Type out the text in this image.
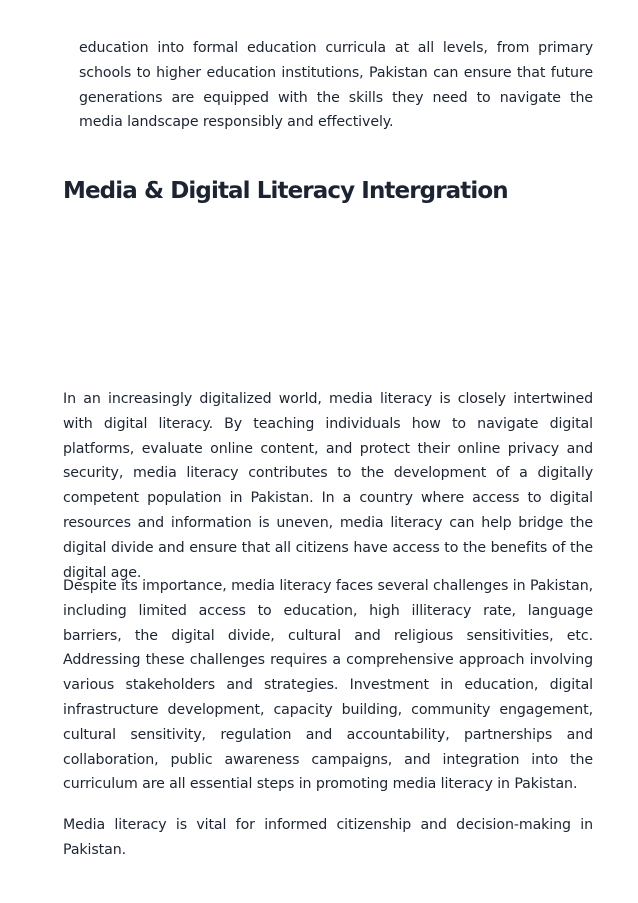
education into formal education curricula at all levels, from primary schools to higher education institutions, Pakistan can ensure that future generations are equipped with the skills they need to navigate the media landscape responsibly and effectively.

Media & Digital Literacy Intergration

In an increasingly digitalized world, media literacy is closely intertwined with digital literacy. By teaching individuals how to navigate digital platforms, evaluate online content, and protect their online privacy and security, media literacy contributes to the development of a digitally competent population in Pakistan. In a country where access to digital resources and information is uneven, media literacy can help bridge the digital divide and ensure that all citizens have access to the benefits of the digital age.

Despite its importance, media literacy faces several challenges in Pakistan, including limited access to education, high illiteracy rate, language barriers, the digital divide, cultural and religious sensitivities, etc. Addressing these challenges requires a comprehensive approach involving various stakeholders and strategies. Investment in education, digital infrastructure development, capacity building, community engagement, cultural sensitivity, regulation and accountability, partnerships and collaboration, public awareness campaigns, and integration into the curriculum are all essential steps in promoting media literacy in Pakistan.

Media literacy is vital for informed citizenship and decision-making in Pakistan.
